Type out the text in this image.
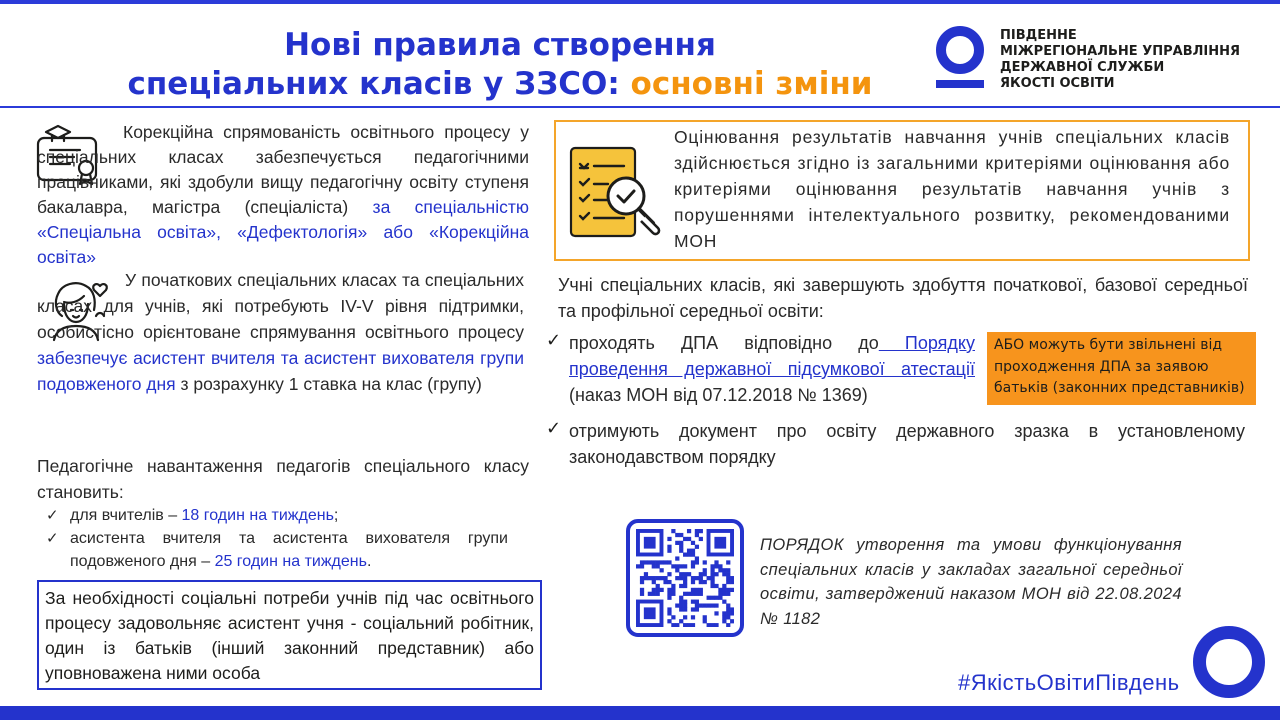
Нові правила створення
спеціальних класів у ЗЗСО: основні зміни
ПІВДЕННЕ
МІЖРЕГІОНАЛЬНЕ УПРАВЛІННЯ
ДЕРЖАВНОЇ СЛУЖБИ
ЯКОСТІ ОСВІТИ

Корекційна спрямованість освітнього процесу у спеціальних класах забезпечується педагогічними працівниками, які здобули вищу педагогічну освіту ступеня бакалавра, магістра (спеціаліста) за спеціальністю «Спеціальна освіта», «Дефектологія» або «Корекційна освіта»

У початкових спеціальних класах та спеціальних класах для учнів, які потребують IV-V рівня підтримки, особистісно орієнтоване спрямування освітнього процесу забезпечує асистент вчителя та асистент вихователя групи подовженого дня з розрахунку 1 ставка на клас (групу)

Педагогічне навантаження педагогів спеціального класу становить:

✓ для вчителів – 18 годин на тиждень;
✓ асистента вчителя та асистента вихователя групи подовженого дня – 25 годин на тиждень.
За необхідності соціальні потреби учнів під час освітнього процесу задовольняє асистент учня - соціальний робітник, один із батьків (інший законний представник) або уповноважена ними особа

Оцінювання результатів навчання учнів спеціальних класів здійснюється згідно із загальними критеріями оцінювання або критеріями оцінювання результатів навчання учнів з порушеннями інтелектуального розвитку, рекомендованими МОН

Учні спеціальних класів, які завершують здобуття початкової, базової середньої та профільної середньої освіти:

✓ проходять ДПА відповідно до Порядку проведення державної підсумкової атестації (наказ МОН від 07.12.2018 № 1369)

АБО можуть бути звільнені від проходження ДПА за заявою батьків (законних представників)
✓ отримують документ про освіту державного зразка в установленому законодавством порядку

ПОРЯДОК утворення та умови функціонування спеціальних класів у закладах загальної середньої освіти, затверджений наказом МОН від 22.08.2024 № 1182

#ЯкістьОвітиПівдень
